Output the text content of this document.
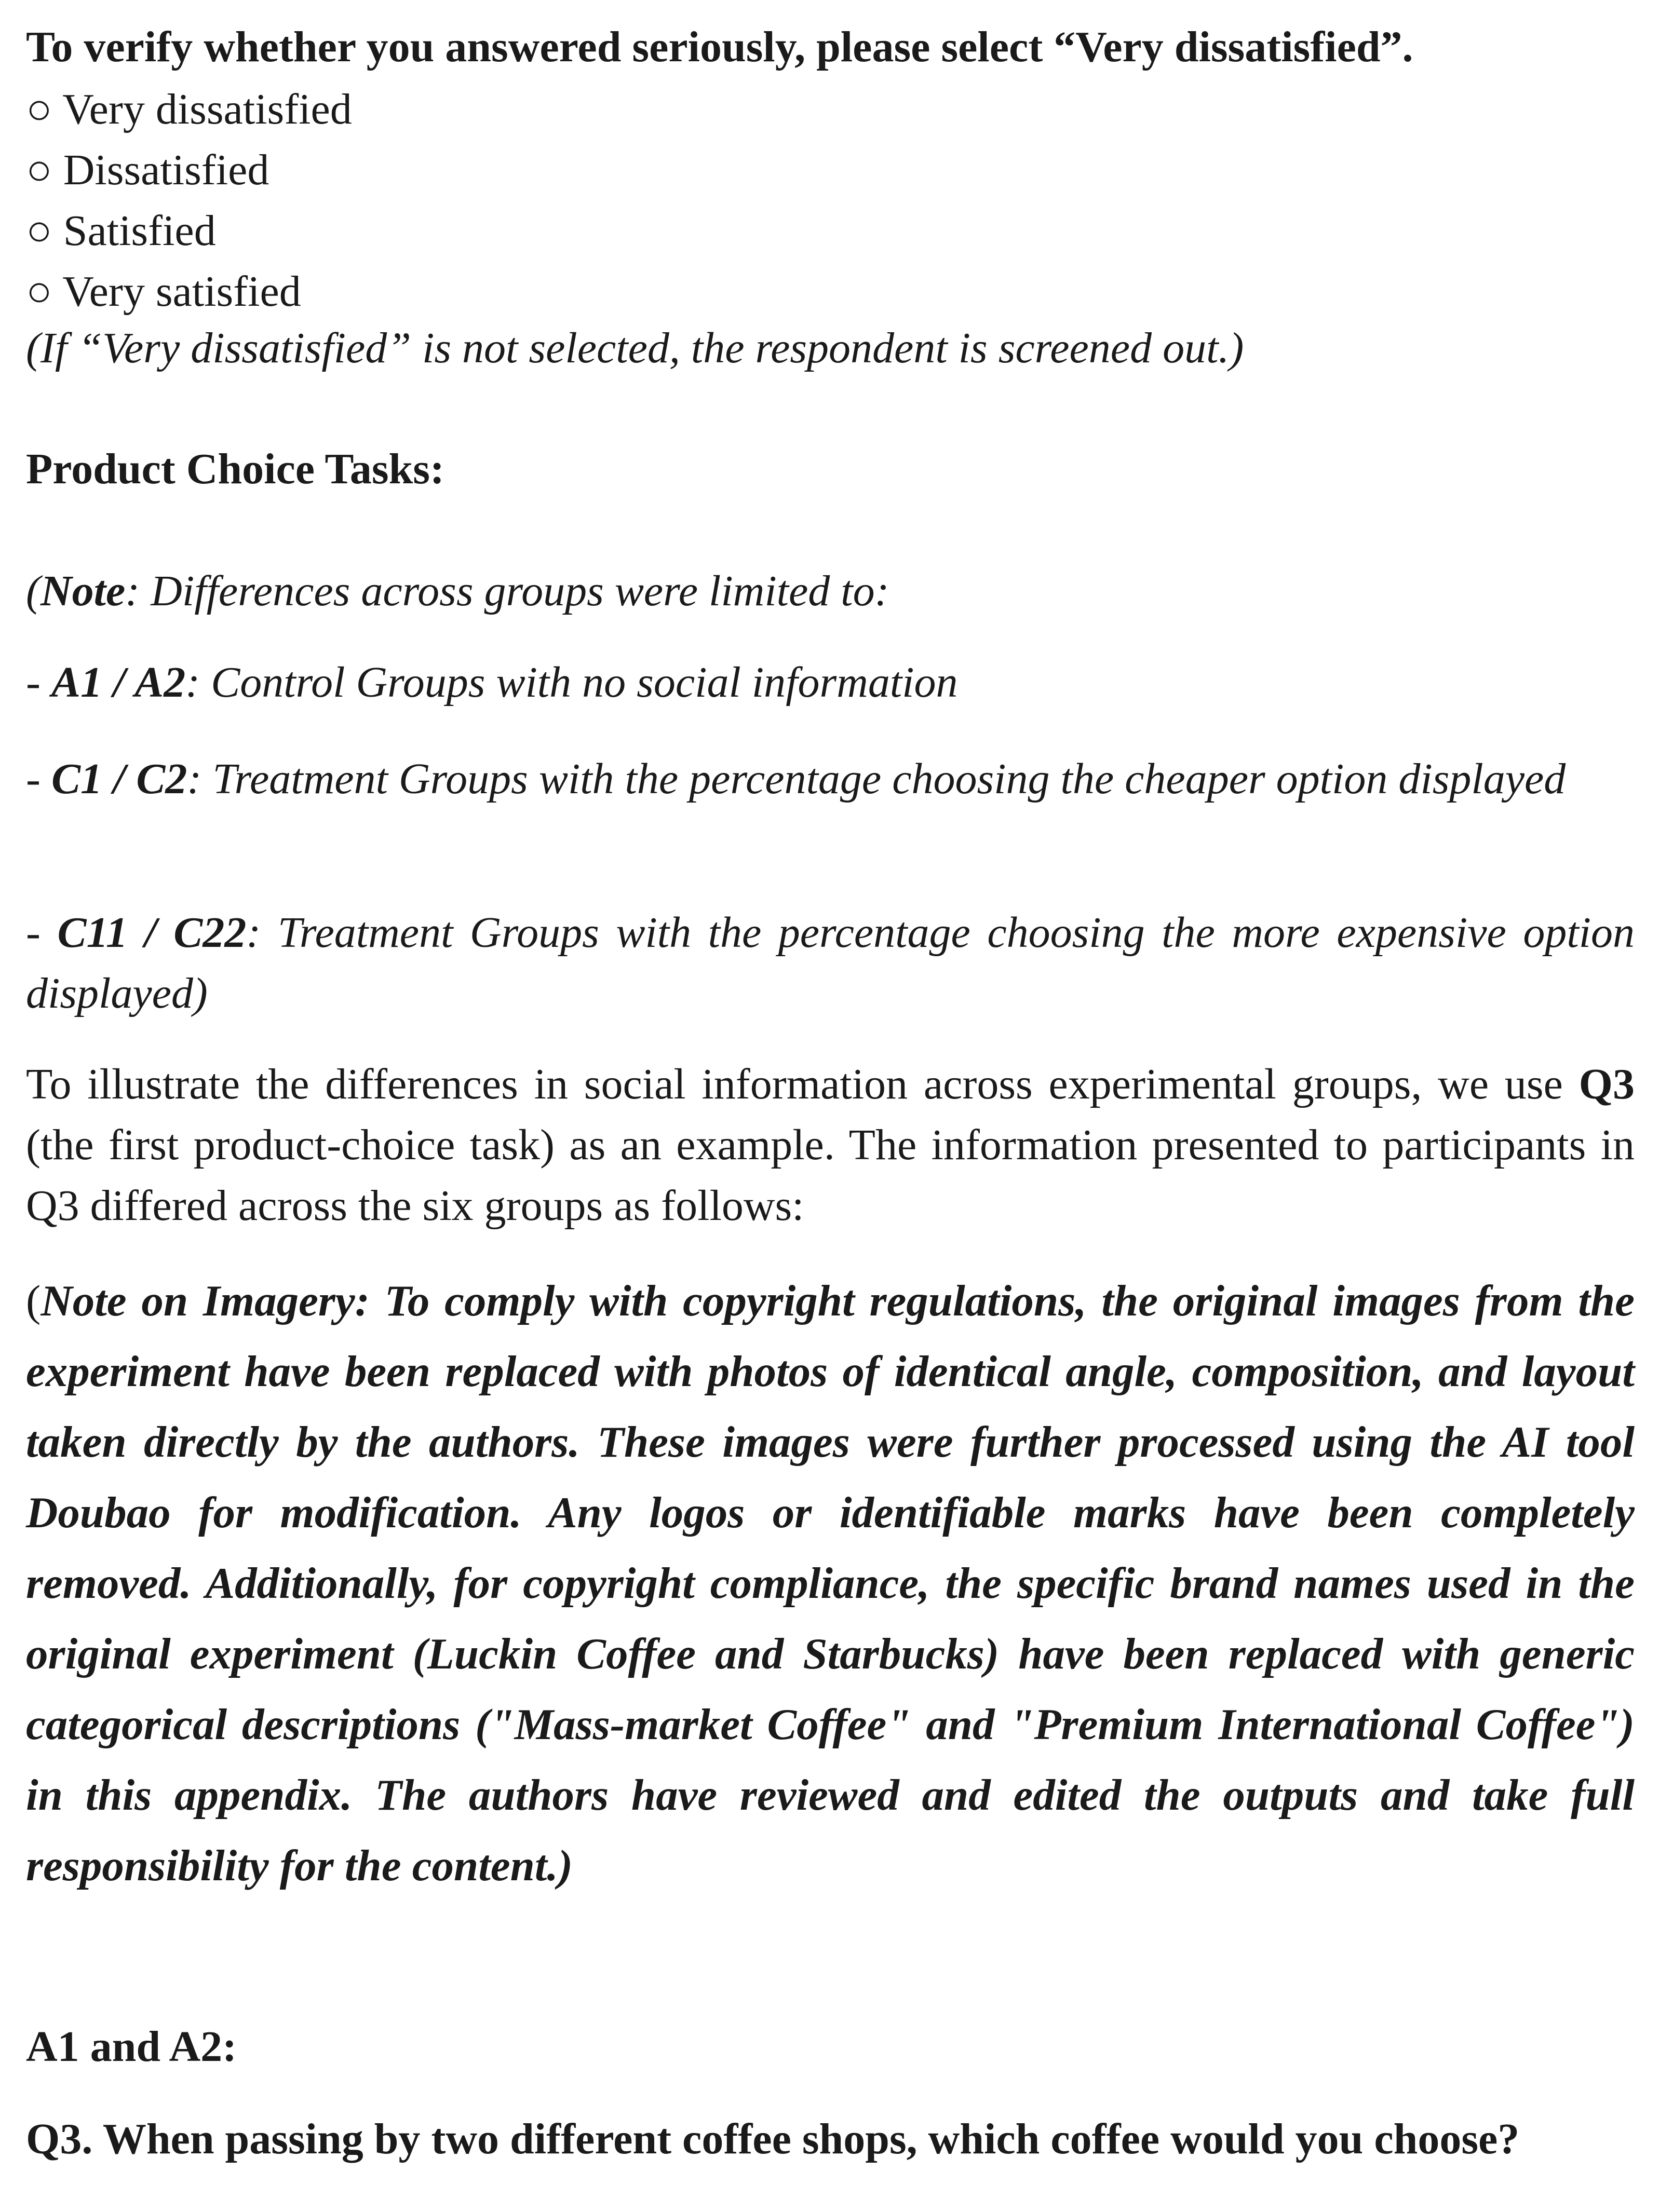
To verify whether you answered seriously, please select “Very dissatisfied”.

○ Very dissatisfied
○ Dissatisfied
○ Satisfied
○ Very satisfied

(If “Very dissatisfied” is not selected, the respondent is screened out.)

Product Choice Tasks:

(Note: Differences across groups were limited to:

- A1 / A2: Control Groups with no social information

- C1 / C2: Treatment Groups with the percentage choosing the cheaper option displayed

- C11 / C22: Treatment Groups with the percentage choosing the more expensive option displayed)

To illustrate the differences in social information across experimental groups, we use Q3 (the first product-choice task) as an example. The information presented to participants in Q3 differed across the six groups as follows:

(Note on Imagery: To comply with copyright regulations, the original images from the experiment have been replaced with photos of identical angle, composition, and layout taken directly by the authors. These images were further processed using the AI tool Doubao for modification. Any logos or identifiable marks have been completely removed. Additionally, for copyright compliance, the specific brand names used in the original experiment (Luckin Coffee and Starbucks) have been replaced with generic categorical descriptions ("Mass-market Coffee" and "Premium International Coffee") in this appendix. The authors have reviewed and edited the outputs and take full responsibility for the content.)

A1 and A2:

Q3. When passing by two different coffee shops, which coffee would you choose?
